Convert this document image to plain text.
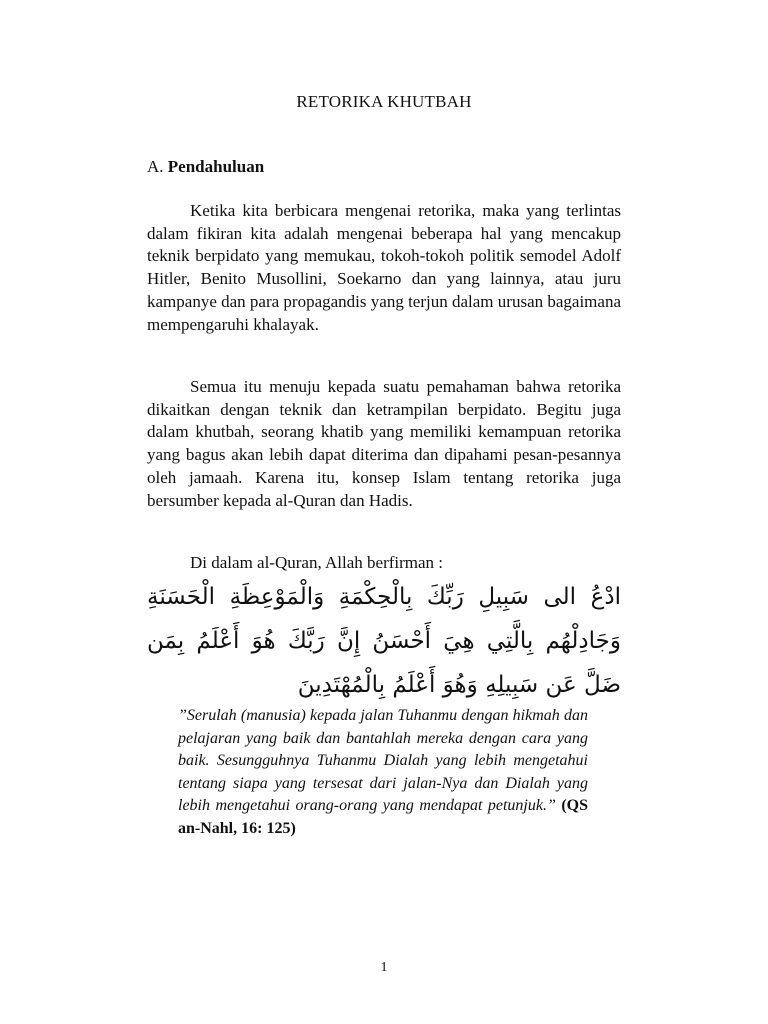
RETORIKA KHUTBAH
A. Pendahuluan

Ketika kita berbicara mengenai retorika, maka yang terlintas dalam fikiran kita adalah mengenai beberapa hal yang mencakup teknik berpidato yang memukau, tokoh-tokoh politik semodel Adolf Hitler, Benito Musollini, Soekarno dan yang lainnya, atau juru kampanye dan para propagandis yang terjun dalam urusan bagaimana mempengaruhi khalayak.

Semua itu menuju kepada suatu pemahaman bahwa retorika dikaitkan dengan teknik dan ketrampilan berpidato. Begitu juga dalam khutbah, seorang khatib yang memiliki kemampuan retorika yang bagus akan lebih dapat diterima dan dipahami pesan-pesannya oleh jamaah. Karena itu, konsep Islam tentang retorika juga bersumber kepada al-Quran dan Hadis.

Di dalam al-Quran, Allah berfirman :

ادْعُ الى سَبِيلِ رَبِّكَ بِالْحِكْمَةِ وَالْمَوْعِظَةِ الْحَسَنَةِ وَجَادِلْهُم بِالَّتِي هِيَ أَحْسَنُ إِنَّ رَبَّكَ هُوَ أَعْلَمُ بِمَن ضَلَّ عَن سَبِيلِهِ وَهُوَ أَعْلَمُ بِالْمُهْتَدِينَ

”Serulah (manusia) kepada jalan Tuhanmu dengan hikmah dan pelajaran yang baik dan bantahlah mereka dengan cara yang baik. Sesungguhnya Tuhanmu Dialah yang lebih mengetahui tentang siapa yang tersesat dari jalan-Nya dan Dialah yang lebih mengetahui orang-orang yang mendapat petunjuk.” (QS an-Nahl, 16: 125)

1
